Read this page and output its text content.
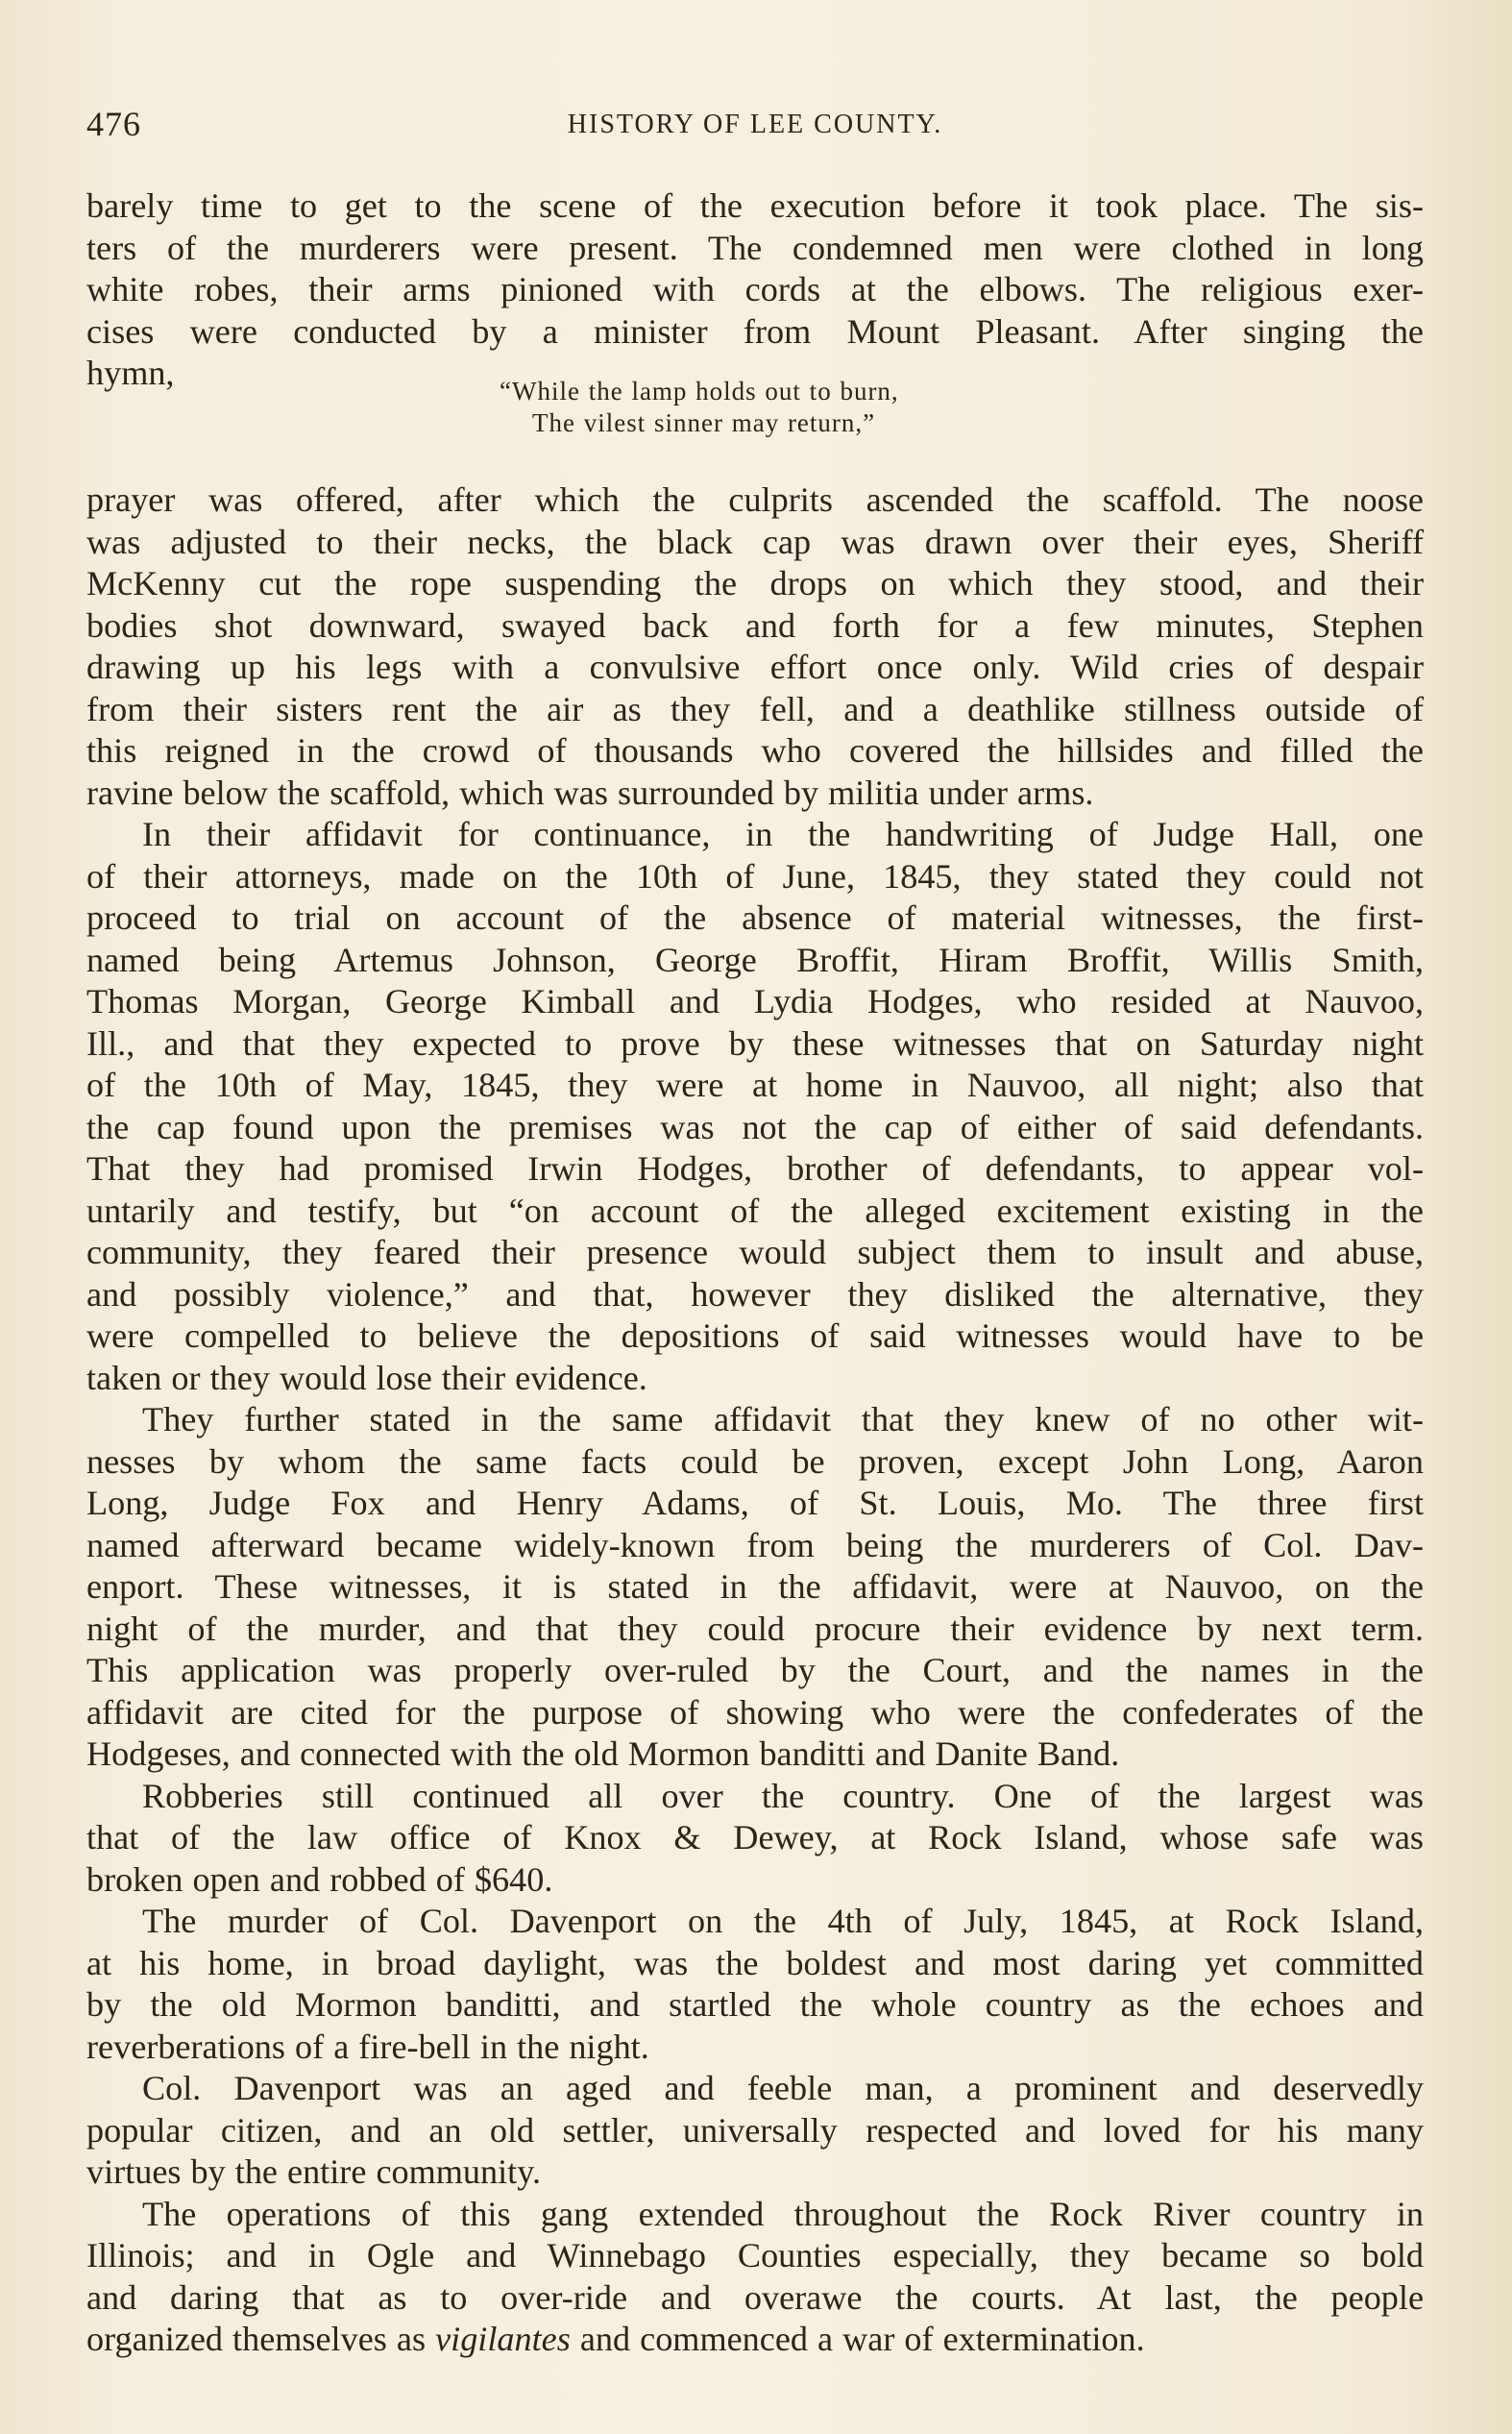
476	HISTORY OF LEE COUNTY.
barely time to get to the scene of the execution before it took place. The sis-
ters of the murderers were present. The condemned men were clothed in long
white robes, their arms pinioned with cords at the elbows. The religious exer-
cises were conducted by a minister from Mount Pleasant. After singing the
hymn,	“While the lamp holds out to burn,
The vilest sinner may return,”
prayer was offered, after which the culprits ascended the scaffold. The noose
was adjusted to their necks, the black cap was drawn over their eyes, Sheriff
McKenny cut the rope suspending the drops on which they stood, and their
bodies shot downward, swayed back and forth for a few minutes, Stephen
drawing up his legs with a convulsive effort once only. Wild cries of despair
from their sisters rent the air as they fell, and a deathlike stillness outside of
this reigned in the crowd of thousands who covered the hillsides and filled the
ravine below the scaffold, which was surrounded by militia under arms.
In their affidavit for continuance, in the handwriting of Judge Hall, one
of their attorneys, made on the 10th of June, 1845, they stated they could not
proceed to trial on account of the absence of material witnesses, the first-
named being Artemus Johnson, George Broffit, Hiram Broffit, Willis Smith,
Thomas Morgan, George Kimball and Lydia Hodges, who resided at Nauvoo,
Ill., and that they expected to prove by these witnesses that on Saturday night
of the 10th of May, 1845, they were at home in Nauvoo, all night; also that
the cap found upon the premises was not the cap of either of said defendants.
That they had promised Irwin Hodges, brother of defendants, to appear vol-
untarily and testify, but “on account of the alleged excitement existing in the
community, they feared their presence would subject them to insult and abuse,
and possibly violence,” and that, however they disliked the alternative, they
were compelled to believe the depositions of said witnesses would have to be
taken or they would lose their evidence.
They further stated in the same affidavit that they knew of no other wit-
nesses by whom the same facts could be proven, except John Long, Aaron
Long, Judge Fox and Henry Adams, of St. Louis, Mo. The three first
named afterward became widely-known from being the murderers of Col. Dav-
enport. These witnesses, it is stated in the affidavit, were at Nauvoo, on the
night of the murder, and that they could procure their evidence by next term.
This application was properly over-ruled by the Court, and the names in the
affidavit are cited for the purpose of showing who were the confederates of the
Hodgeses, and connected with the old Mormon banditti and Danite Band.
Robberies still continued all over the country. One of the largest was
that of the law office of Knox & Dewey, at Rock Island, whose safe was
broken open and robbed of $640.
The murder of Col. Davenport on the 4th of July, 1845, at Rock Island,
at his home, in broad daylight, was the boldest and most daring yet committed
by the old Mormon banditti, and startled the whole country as the echoes and
reverberations of a fire-bell in the night.
Col. Davenport was an aged and feeble man, a prominent and deservedly
popular citizen, and an old settler, universally respected and loved for his many
virtues by the entire community.
The operations of this gang extended throughout the Rock River country in
Illinois; and in Ogle and Winnebago Counties especially, they became so bold
and daring that as to over-ride and overawe the courts. At last, the people
organized themselves as vigilantes and commenced a war of extermination.
